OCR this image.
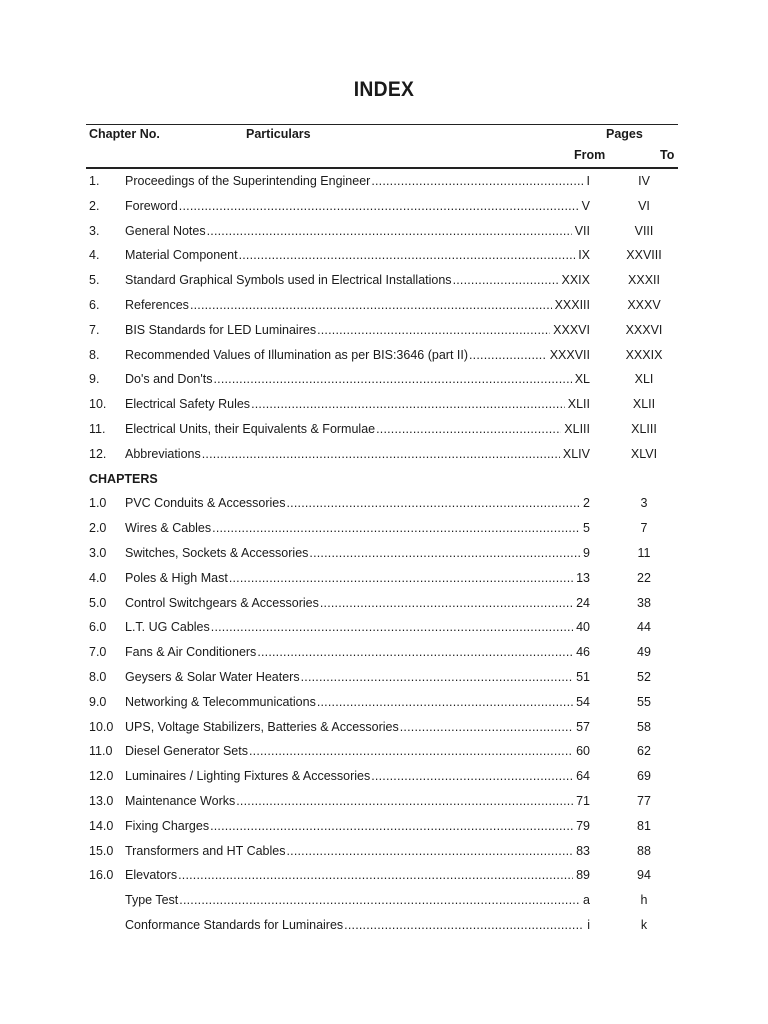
INDEX
Chapter No.	Particulars	Pages
From	To
1. Proceedings of the Superintending Engineer .....	I	IV
2. Foreword .....	V	VI
3. General Notes .....	VII	VIII
4. Material Component .....	IX	XXVIII
5. Standard Graphical Symbols used in Electrical Installations .....	XXIX	XXXII
6. References .....	XXXIII	XXXV
7. BIS Standards for LED Luminaires .....	XXXVI	XXXVI
8. Recommended Values of Illumination as per BIS:3646 (part II) .....	XXXVII	XXXIX
9. Do's and Don'ts .....	XL	XLI
10. Electrical Safety Rules .....	XLII	XLII
11. Electrical Units, their Equivalents & Formulae .....	XLIII	XLIII
12. Abbreviations .....	XLIV	XLVI
CHAPTERS
1.0 PVC Conduits & Accessories .....	2	3
2.0 Wires & Cables .....	5	7
3.0 Switches, Sockets & Accessories .....	9	11
4.0 Poles & High Mast .....	13	22
5.0 Control Switchgears & Accessories .....	24	38
6.0 L.T. UG Cables .....	40	44
7.0 Fans & Air Conditioners .....	46	49
8.0 Geysers & Solar Water Heaters .....	51	52
9.0 Networking & Telecommunications .....	54	55
10.0 UPS, Voltage Stabilizers, Batteries & Accessories .....	57	58
11.0 Diesel Generator Sets .....	60	62
12.0 Luminaires / Lighting Fixtures & Accessories .....	64	69
13.0 Maintenance Works .....	71	77
14.0 Fixing Charges .....	79	81
15.0 Transformers and HT Cables .....	83	88
16.0 Elevators .....	89	94
Type Test .....	a	h
Conformance Standards for Luminaires .....	i	k
